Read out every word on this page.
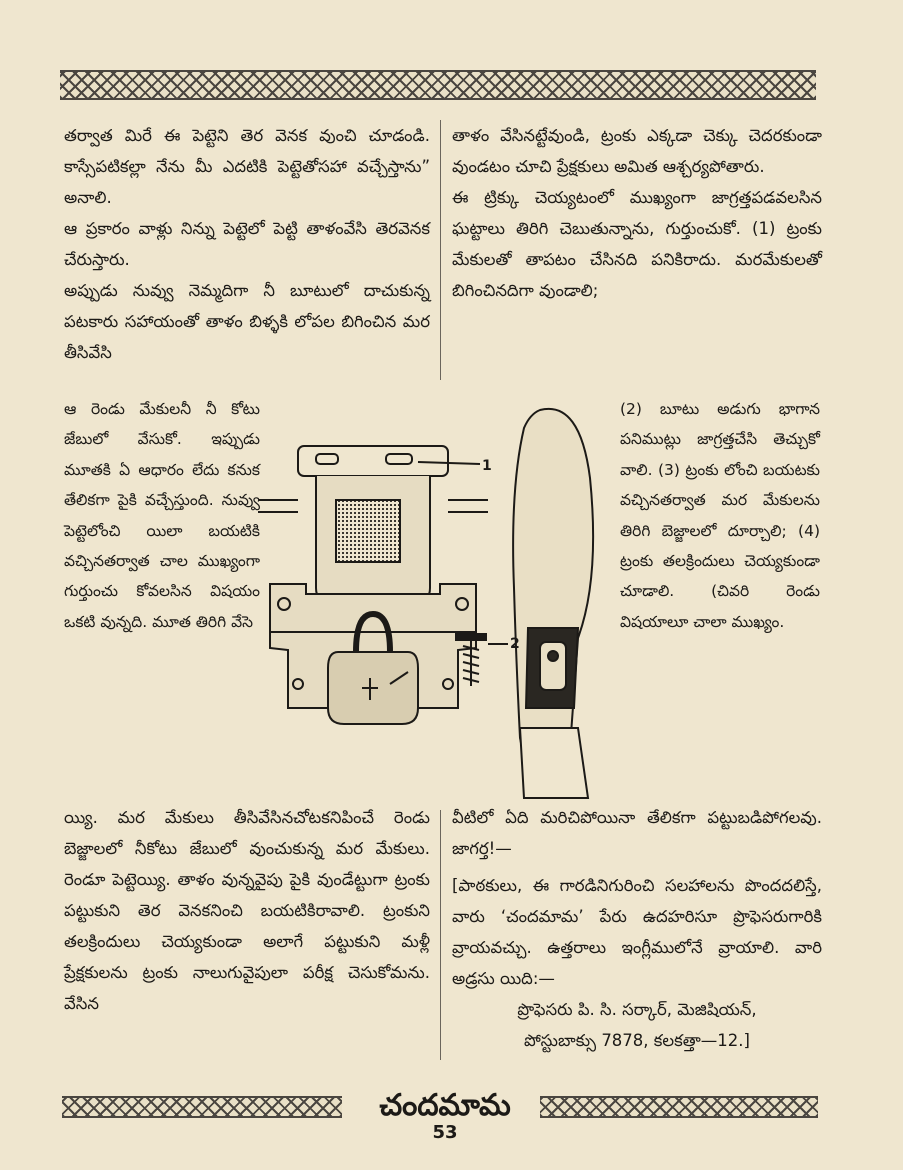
తర్వాత మిరే ఈ పెట్టెని తెర వెనక వుంచి చూడండి. కాస్సేపటికల్లా నేను మీ ఎదటికి పెట్టెతోసహా వచ్చేస్తాను” అనాలి.

ఆ ప్రకారం వాళ్లు నిన్ను పెట్టెలో పెట్టి తాళంవేసి తెరవెనక చేరుస్తారు.

అప్పుడు నువ్వు నెమ్మదిగా నీ బూటులో దాచుకున్న పటకారు సహాయంతో తాళం బిళ్ళకి లోపల బిగించిన మర తీసివేసి

తాళం వేసినట్టేవుండి, ట్రంకు ఎక్కడా చెక్కు చెదరకుండా వుండటం చూచి ప్రేక్షకులు అమిత ఆశ్చర్యపోతారు.

ఈ ట్రిక్కు చెయ్యటంలో ముఖ్యంగా జాగ్రత్తపడవలసిన ఘట్టాలు తిరిగి చెబుతున్నాను, గుర్తుంచుకో. (1) ట్రంకు మేకులతో తాపటం చేసినది పనికిరాదు. మరమేకులతో బిగించినదిగా వుండాలి;

ఆ రెండు మేకులనీ నీ కోటు జేబులో వేసుకో. ఇప్పుడు మూతకి ఏ ఆధారం లేదు కనుక తేలికగా పైకి వచ్చేస్తుంది. నువ్వు పెట్టెలోంచి యిలా బయటికి వచ్చినతర్వాత చాల ముఖ్యంగా గుర్తుంచు కోవలసిన విషయం ఒకటి వున్నది. మూత తిరిగి వేసె

(2) బూటు అడుగు భాగాన పనిముట్లు జాగ్రత్తచేసి తెచ్చుకో వాలి. (3) ట్రంకు లోంచి బయటకు వచ్చినతర్వాత మర మేకులను తిరిగి బెజ్జాలలో దూర్చాలి; (4) ట్రంకు తలక్రిందులు చెయ్యకుండా చూడాలి. (చివరి రెండు విషయాలూ చాలా ముఖ్యం.

1
2

య్యి. మర మేకులు తీసివేసినచోటకనిపించే రెండు బెజ్జాలలో నీకోటు జేబులో వుంచుకున్న మర మేకులు. రెండూ పెట్టెయ్యి. తాళం వున్నవైపు పైకి వుండేట్టుగా ట్రంకు పట్టుకుని తెర వెనకనించి బయటికిరావాలి. ట్రంకుని తలక్రిందులు చెయ్యకుండా అలాగే పట్టుకుని మళ్లీ ప్రేక్షకులను ట్రంకు నాలుగువైపులా పరీక్ష చెసుకోమను. వేసిన

వీటిలో ఏది మరిచిపోయినా తేలికగా పట్టుబడిపోగలవు. జాగర్త!—

[పాఠకులు, ఈ గారడినిగురించి సలహాలను పొందదలిస్తే, వారు ‘చందమామ’ పేరు ఉదహరిసూ ప్రొఫెసరుగారికి వ్రాయవచ్చు. ఉత్తరాలు ఇంగ్లీములోనే వ్రాయాలి. వారి అడ్రసు యిది:—

ప్రొఫెసరు పి. సి. సర్కార్, మెజిషియన్,

పోస్టుబాక్సు 7878, కలకత్తా—12.]

చందమామ
53
